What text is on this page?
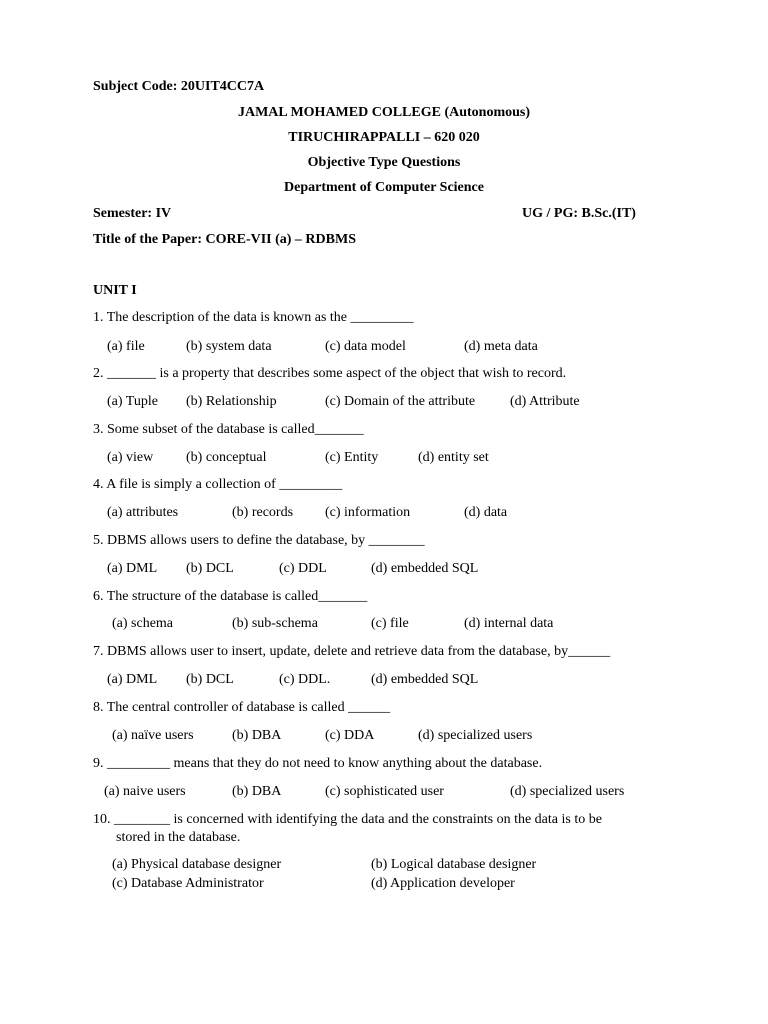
Subject Code: 20UIT4CC7A
JAMAL MOHAMED COLLEGE (Autonomous)
TIRUCHIRAPPALLI – 620 020
Objective Type Questions
Department of Computer Science
Semester: IV	UG / PG: B.Sc.(IT)
Title of the Paper: CORE-VII (a) – RDBMS
UNIT I
1. The description of the data is known as the _________
(a) file	(b) system data	(c) data model	(d) meta data
2. _______ is a property that describes some aspect of the object that wish to record.
(a) Tuple (b) Relationship	(c) Domain of the attribute (d) Attribute
3. Some subset of the database is called_______
(a) view (b) conceptual	(c) Entity	(d) entity set
4. A file is simply a collection of _________
(a) attributes	(b) records (c) information	(d) data
5. DBMS allows users to define the database, by ________
(a) DML (b) DCL	(c) DDL	(d) embedded SQL
6. The structure of the database is called_______
(a) schema	(b) sub-schema	(c) file	(d) internal data
7. DBMS allows user to insert, update, delete and retrieve data from the database, by______
(a) DML (b) DCL	(c) DDL.	(d) embedded SQL
8. The central controller of database is called ______
(a) naïve users	(b) DBA	(c) DDA	(d) specialized users
9. _________ means that they do not need to know anything about the database.
(a) naive users	(b) DBA	(c) sophisticated user	(d) specialized users
10. ________ is concerned with identifying the data and the constraints on the data is to be
stored in the database.
(a) Physical database designer	(b) Logical database designer
(c) Database Administrator	(d) Application developer
